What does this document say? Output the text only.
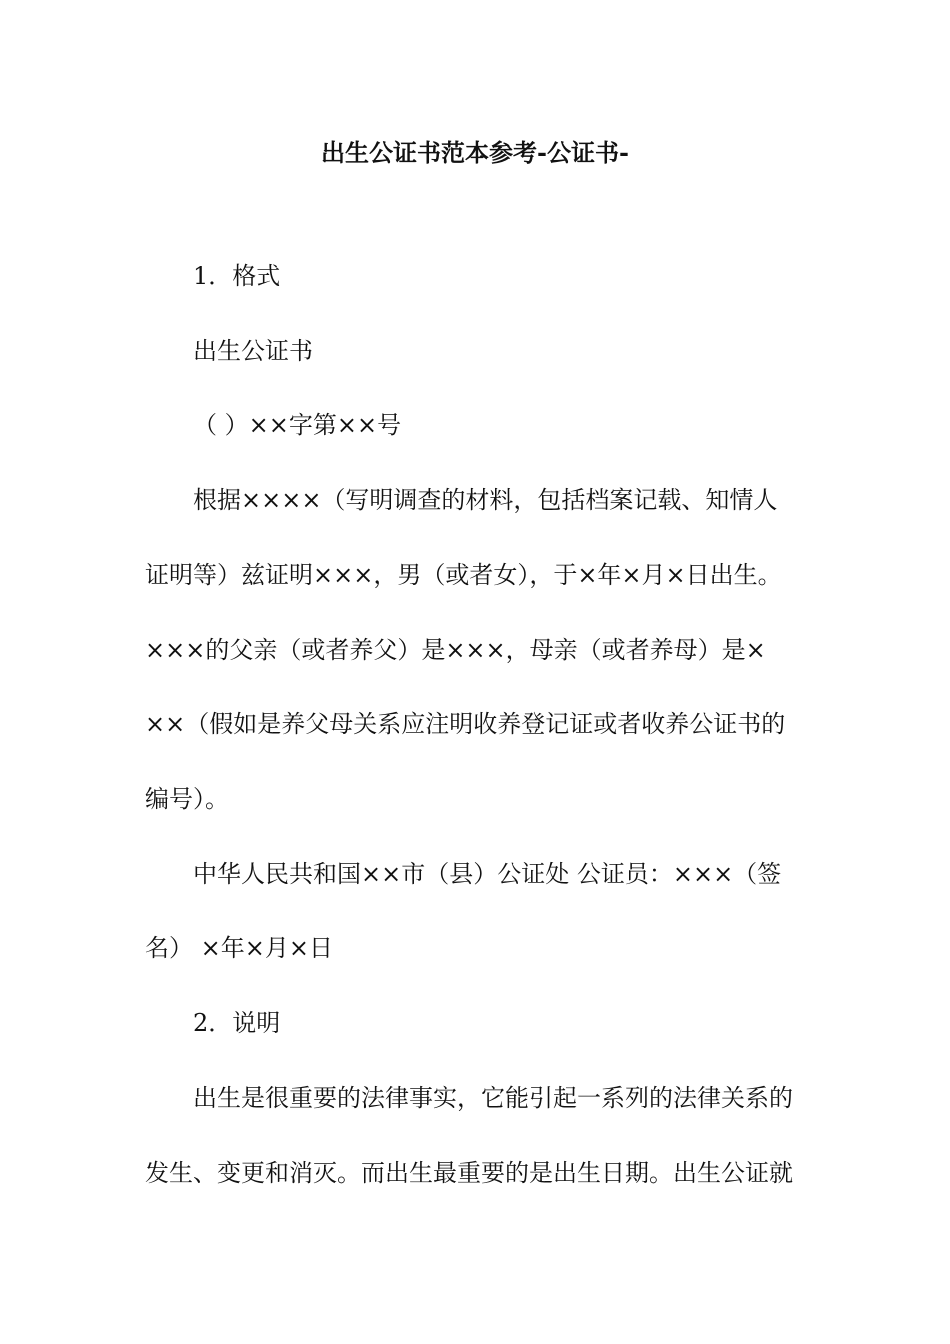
出生公证书范本参考-公证书-
1．格式
出生公证书
（ ）××字第××号
根据××××（写明调查的材料，包括档案记载、知情人
证明等）兹证明×××，男（或者女），于×年×月×日出生。
×××的父亲（或者养父）是×××，母亲（或者养母）是×
××（假如是养父母关系应注明收养登记证或者收养公证书的
编号）。
中华人民共和国××市（县）公证处 公证员：×××（签
名） ×年×月×日
2．说明
出生是很重要的法律事实，它能引起一系列的法律关系的
发生、变更和消灭。而出生最重要的是出生日期。出生公证就
